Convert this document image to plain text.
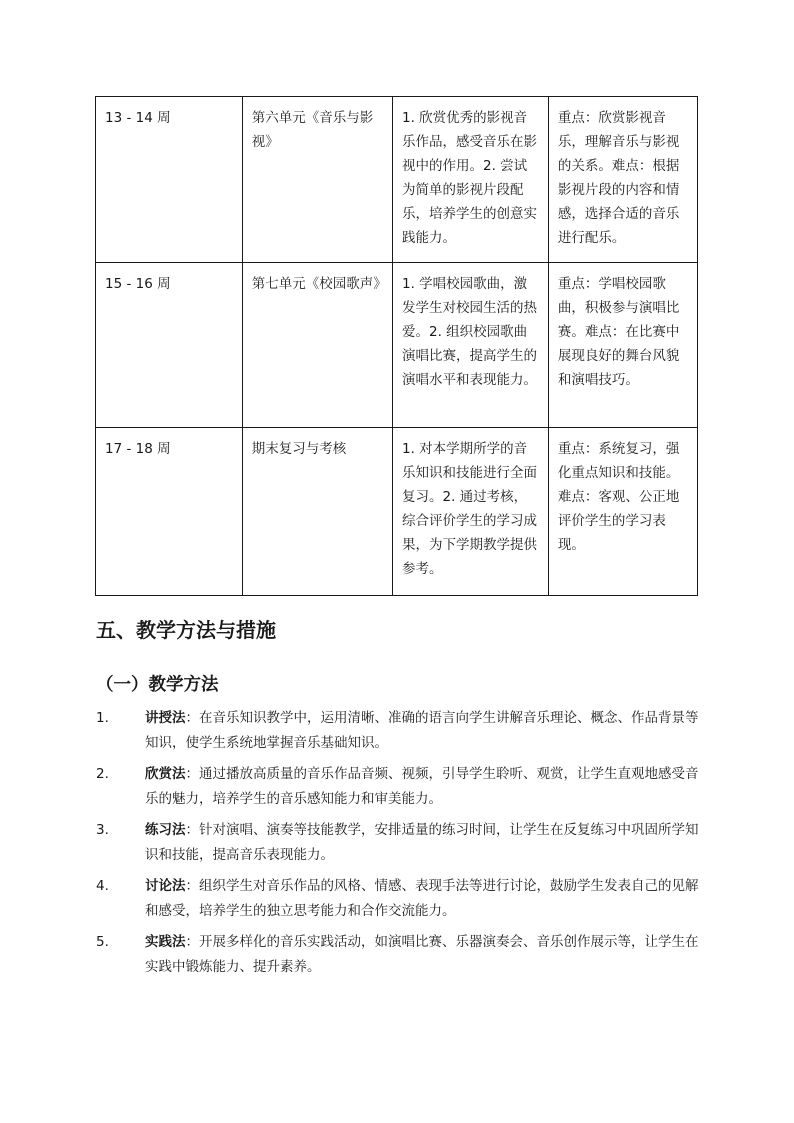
13 - 14 周	第六单元《音乐与影视》	1. 欣赏优秀的影视音乐作品，感受音乐在影视中的作用。2. 尝试为简单的影视片段配乐，培养学生的创意实践能力。	重点：欣赏影视音乐，理解音乐与影视的关系。难点：根据影视片段的内容和情感，选择合适的音乐进行配乐。
15 - 16 周	第七单元《校园歌声》	1. 学唱校园歌曲，激发学生对校园生活的热爱。2. 组织校园歌曲演唱比赛，提高学生的演唱水平和表现能力。	重点：学唱校园歌曲，积极参与演唱比赛。难点：在比赛中展现良好的舞台风貌和演唱技巧。
17 - 18 周	期末复习与考核	1. 对本学期所学的音乐知识和技能进行全面复习。2. 通过考核，综合评价学生的学习成果，为下学期教学提供参考。	重点：系统复习，强化重点知识和技能。难点：客观、公正地评价学生的学习表现。
五、教学方法与措施
（一）教学方法
1.	讲授法：在音乐知识教学中，运用清晰、准确的语言向学生讲解音乐理论、概念、作品背景等知识，使学生系统地掌握音乐基础知识。
2.	欣赏法：通过播放高质量的音乐作品音频、视频，引导学生聆听、观赏，让学生直观地感受音乐的魅力，培养学生的音乐感知能力和审美能力。
3.	练习法：针对演唱、演奏等技能教学，安排适量的练习时间，让学生在反复练习中巩固所学知识和技能，提高音乐表现能力。
4.	讨论法：组织学生对音乐作品的风格、情感、表现手法等进行讨论，鼓励学生发表自己的见解和感受，培养学生的独立思考能力和合作交流能力。
5.	实践法：开展多样化的音乐实践活动，如演唱比赛、乐器演奏会、音乐创作展示等，让学生在实践中锻炼能力、提升素养。
